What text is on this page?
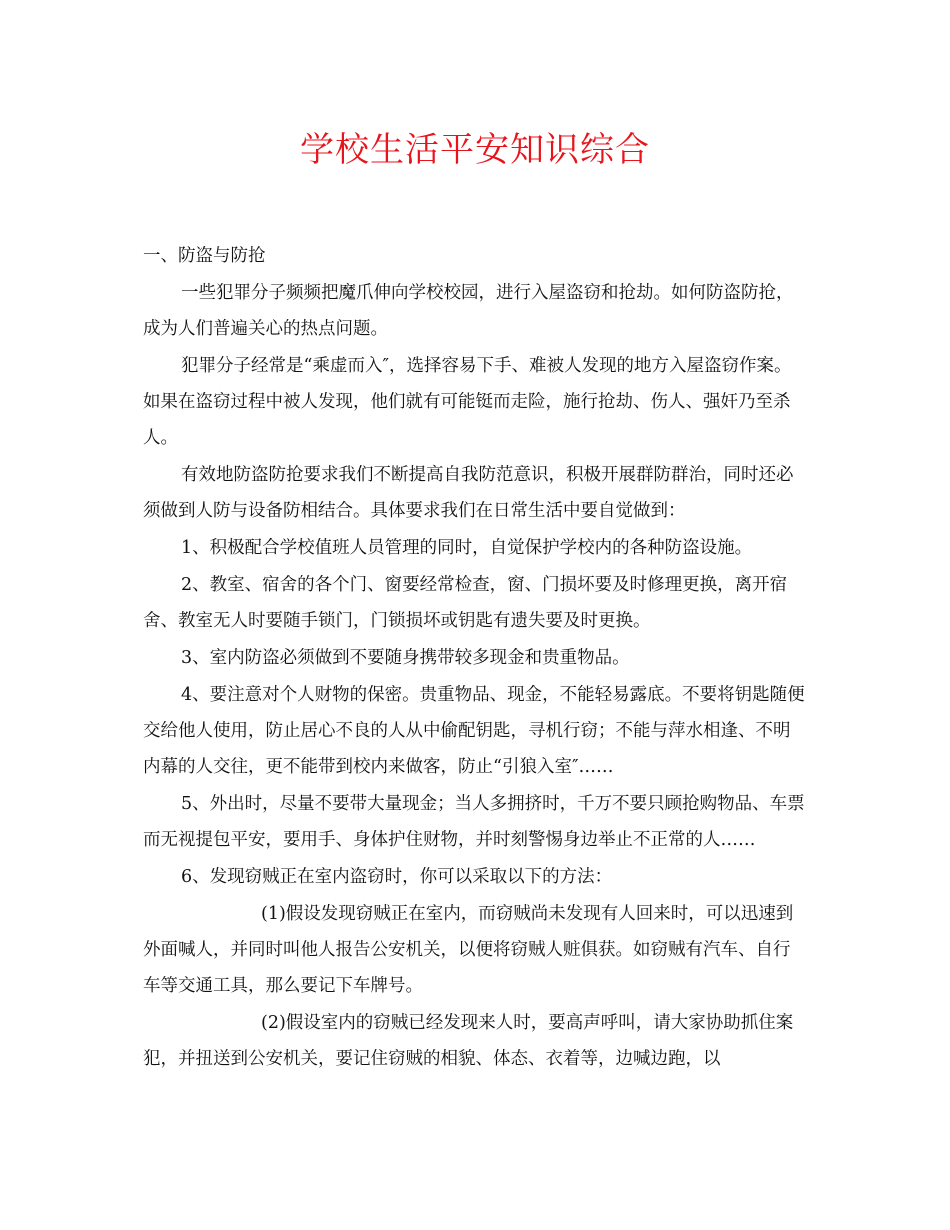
学校生活平安知识综合

一、防盗与防抢

一些犯罪分子频频把魔爪伸向学校校园，进行入屋盗窃和抢劫。如何防盗防抢，成为人们普遍关心的热点问题。

犯罪分子经常是“乘虚而入″，选择容易下手、难被人发现的地方入屋盗窃作案。如果在盗窃过程中被人发现，他们就有可能铤而走险，施行抢劫、伤人、强奸乃至杀人。

有效地防盗防抢要求我们不断提高自我防范意识，积极开展群防群治，同时还必须做到人防与设备防相结合。具体要求我们在日常生活中要自觉做到：

1、积极配合学校值班人员管理的同时，自觉保护学校内的各种防盗设施。

2、教室、宿舍的各个门、窗要经常检查，窗、门损坏要及时修理更换，离开宿舍、教室无人时要随手锁门，门锁损坏或钥匙有遗失要及时更换。

3、室内防盗必须做到不要随身携带较多现金和贵重物品。

4、要注意对个人财物的保密。贵重物品、现金，不能轻易露底。不要将钥匙随便交给他人使用，防止居心不良的人从中偷配钥匙，寻机行窃；不能与萍水相逢、不明内幕的人交往，更不能带到校内来做客，防止“引狼入室″……

5、外出时，尽量不要带大量现金；当人多拥挤时，千万不要只顾抢购物品、车票而无视提包平安，要用手、身体护住财物，并时刻警惕身边举止不正常的人……

6、发现窃贼正在室内盗窃时，你可以采取以下的方法：

(1)假设发现窃贼正在室内，而窃贼尚未发现有人回来时，可以迅速到外面喊人，并同时叫他人报告公安机关，以便将窃贼人赃俱获。如窃贼有汽车、自行车等交通工具，那么要记下车牌号。

(2)假设室内的窃贼已经发现来人时，要高声呼叫，请大家协助抓住案犯，并扭送到公安机关，要记住窃贼的相貌、体态、衣着等，边喊边跑，以
